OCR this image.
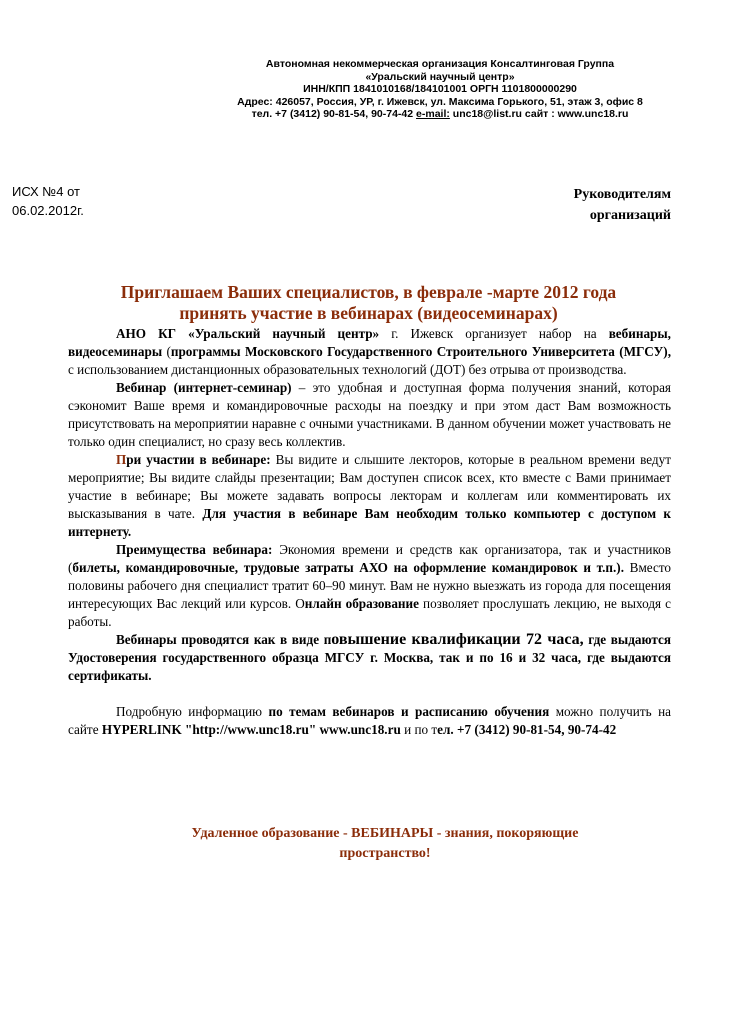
Автономная некоммерческая организация Консалтинговая Группа
«Уральский научный центр»
ИНН/КПП 1841010168/184101001 ОРГН 1101800000290
Адрес: 426057, Россия, УР, г. Ижевск, ул. Максима Горького, 51, этаж 3, офис 8
тел. +7 (3412) 90-81-54, 90-74-42 e-mail: unc18@list.ru сайт : www.unc18.ru
ИСХ №4 от
06.02.2012г.
Руководителям
организаций
Приглашаем Ваших специалистов, в феврале -марте 2012 года
принять участие в вебинарах (видеосеминарах)

АНО КГ «Уральский научный центр» г. Ижевск организует набор на вебинары, видеосеминары (программы Московского Государственного Строительного Университета (МГСУ), с использованием дистанционных образовательных технологий (ДОТ) без отрыва от производства.

Вебинар (интернет-семинар) – это удобная и доступная форма получения знаний, которая сэкономит Ваше время и командировочные расходы на поездку и при этом даст Вам возможность присутствовать на мероприятии наравне с очными участниками. В данном обучении может участвовать не только один специалист, но сразу весь коллектив.

При участии в вебинаре: Вы видите и слышите лекторов, которые в реальном времени ведут мероприятие; Вы видите слайды презентации; Вам доступен список всех, кто вместе с Вами принимает участие в вебинаре; Вы можете задавать вопросы лекторам и коллегам или комментировать их высказывания в чате. Для участия в вебинаре Вам необходим только компьютер с доступом к интернету.

Преимущества вебинара: Экономия времени и средств как организатора, так и участников (билеты, командировочные, трудовые затраты АХО на оформление командировок и т.п.). Вместо половины рабочего дня специалист тратит 60–90 минут. Вам не нужно выезжать из города для посещения интересующих Вас лекций или курсов. Онлайн образование позволяет прослушать лекцию, не выходя с работы.

Вебинары проводятся как в виде повышение квалификации 72 часа, где выдаются Удостоверения государственного образца МГСУ г. Москва, так и по 16 и 32 часа, где выдаются сертификаты.

Подробную информацию по темам вебинаров и расписанию обучения можно получить на сайте HYPERLINK "http://www.unc18.ru" www.unc18.ru и по тел. +7 (3412) 90-81-54, 90-74-42

Удаленное образование - ВЕБИНАРЫ - знания, покоряющие
пространство!
